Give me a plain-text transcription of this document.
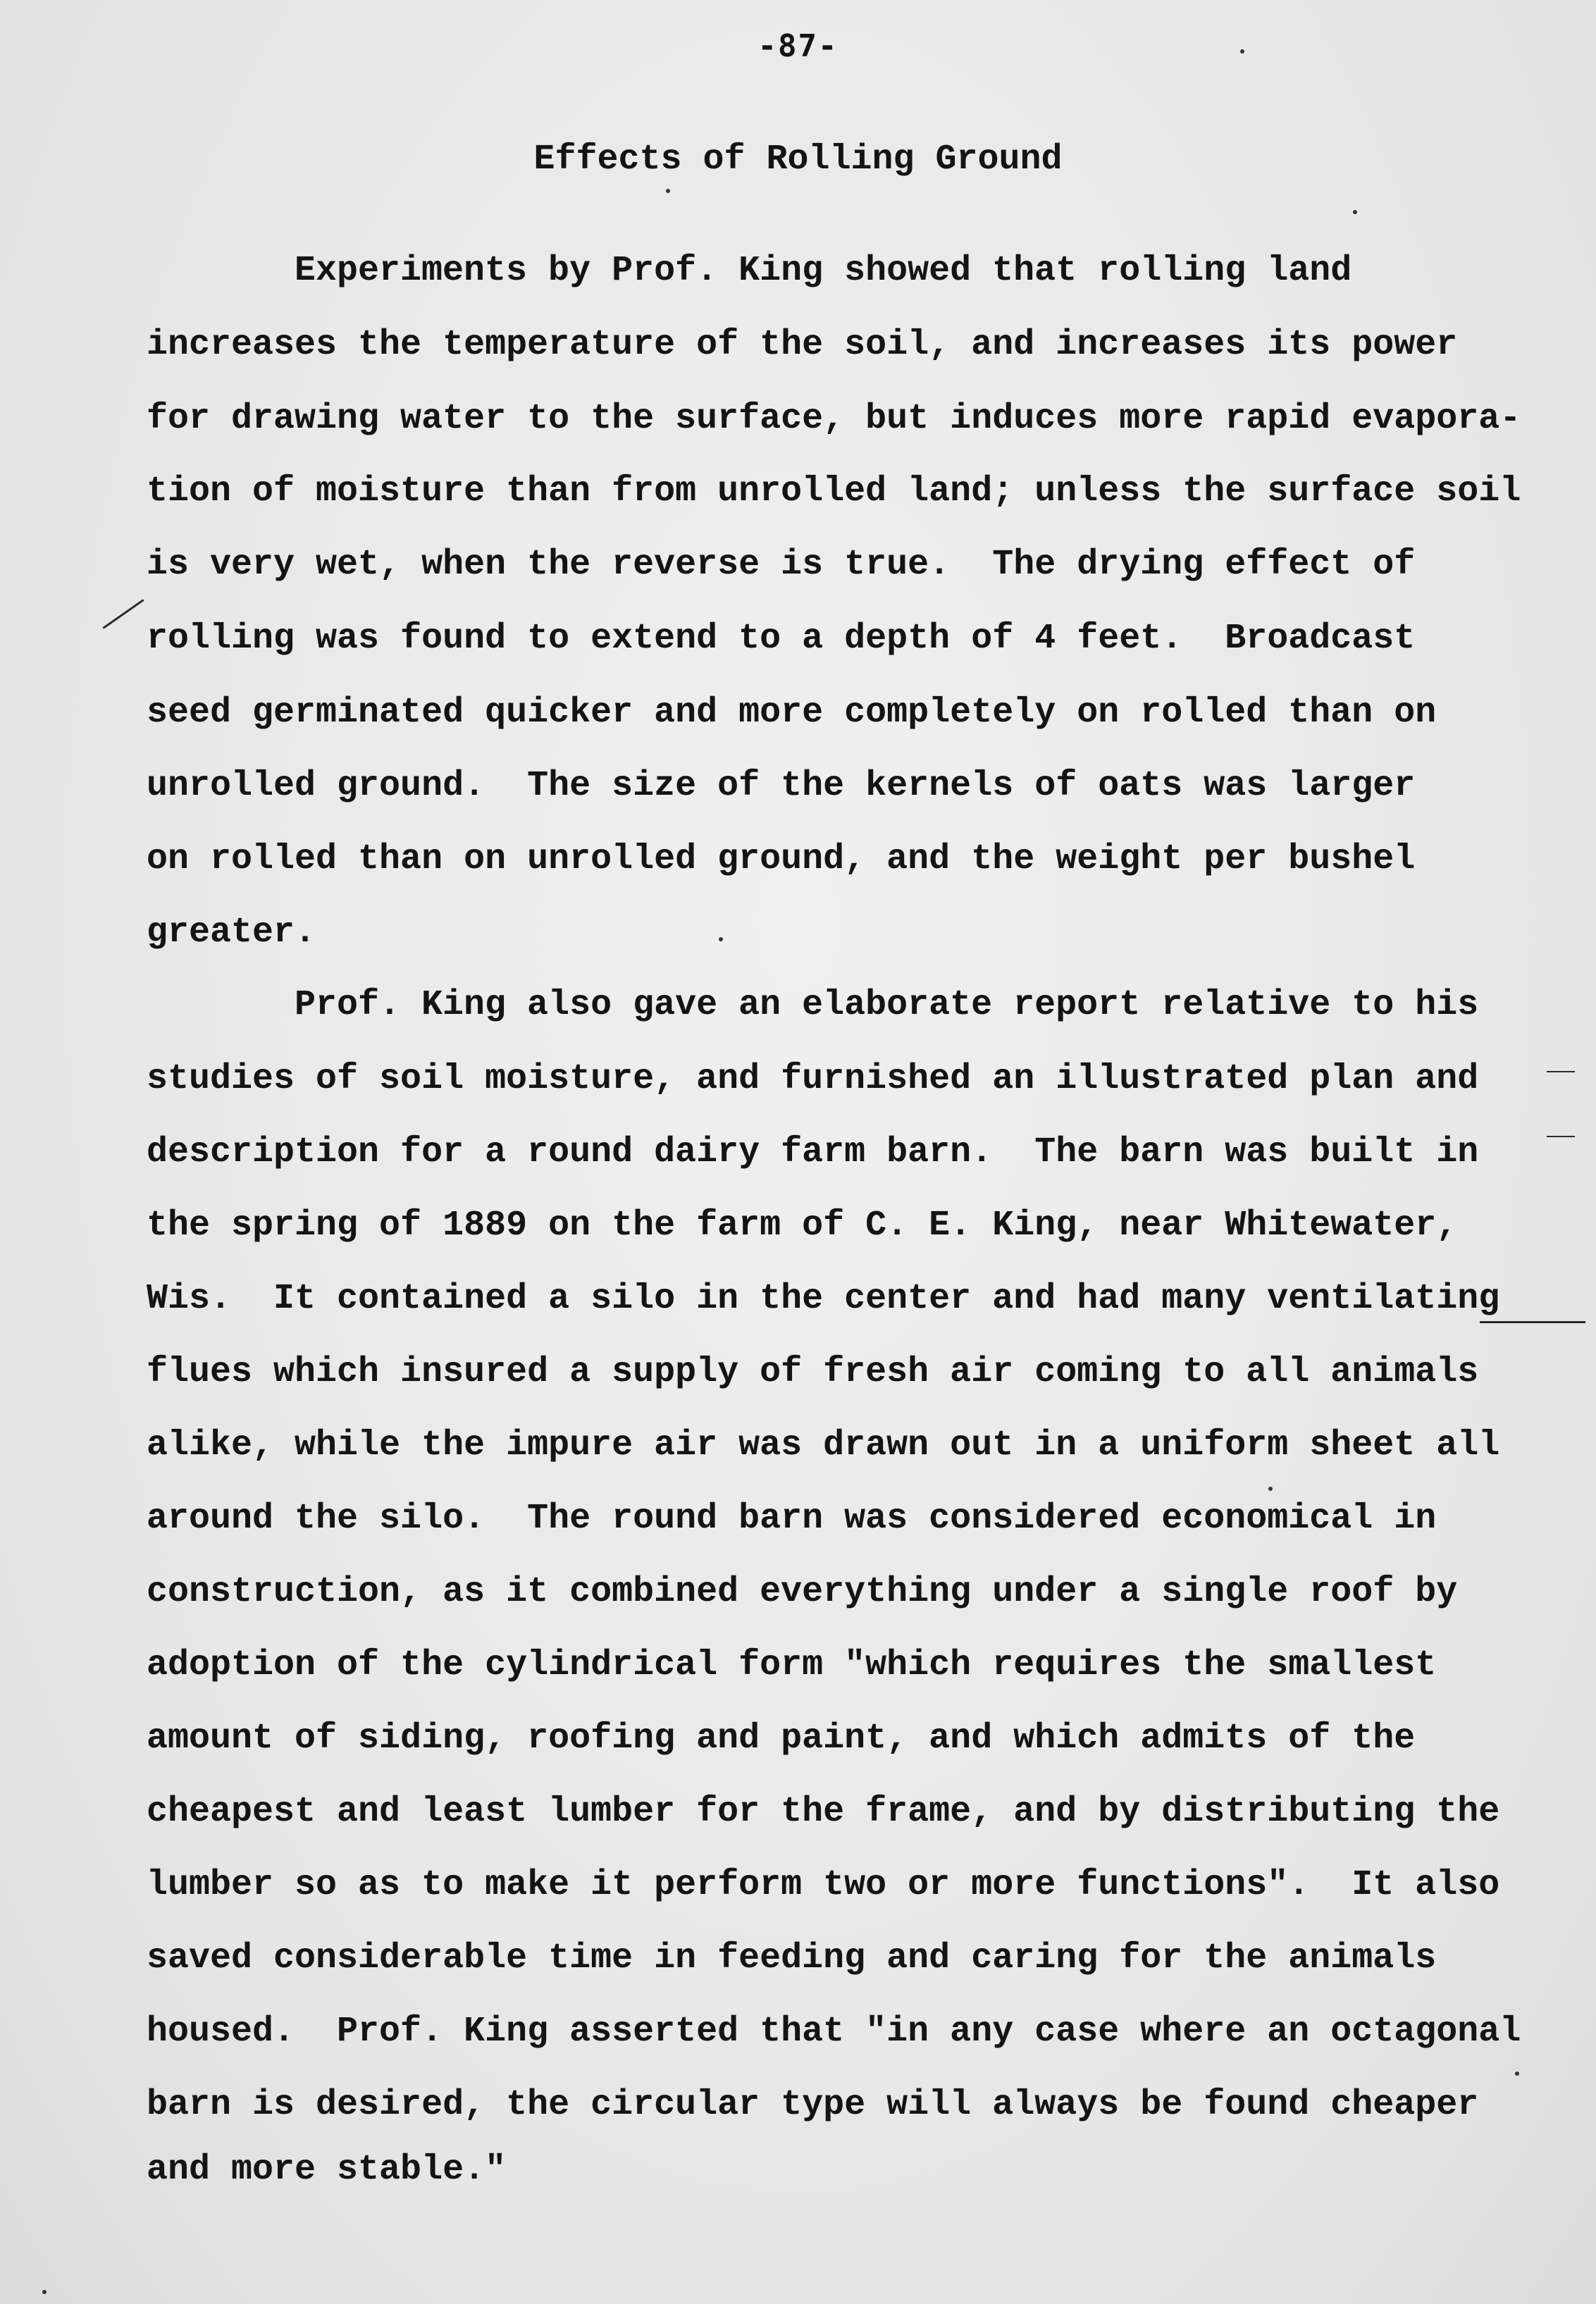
-87-
Effects of Rolling Ground
Experiments by Prof. King showed that rolling land
increases the temperature of the soil, and increases its power
for drawing water to the surface, but induces more rapid evapora-
tion of moisture than from unrolled land; unless the surface soil
is very wet, when the reverse is true.  The drying effect of
rolling was found to extend to a depth of 4 feet.  Broadcast
seed germinated quicker and more completely on rolled than on
unrolled ground.  The size of the kernels of oats was larger
on rolled than on unrolled ground, and the weight per bushel
greater.
Prof. King also gave an elaborate report relative to his
studies of soil moisture, and furnished an illustrated plan and
description for a round dairy farm barn.  The barn was built in
the spring of 1889 on the farm of C. E. King, near Whitewater,
Wis.  It contained a silo in the center and had many ventilating
flues which insured a supply of fresh air coming to all animals
alike, while the impure air was drawn out in a uniform sheet all
around the silo.  The round barn was considered economical in
construction, as it combined everything under a single roof by
adoption of the cylindrical form "which requires the smallest
amount of siding, roofing and paint, and which admits of the
cheapest and least lumber for the frame, and by distributing the
lumber so as to make it perform two or more functions".  It also
saved considerable time in feeding and caring for the animals
housed.  Prof. King asserted that "in any case where an octagonal
barn is desired, the circular type will always be found cheaper
and more stable."
